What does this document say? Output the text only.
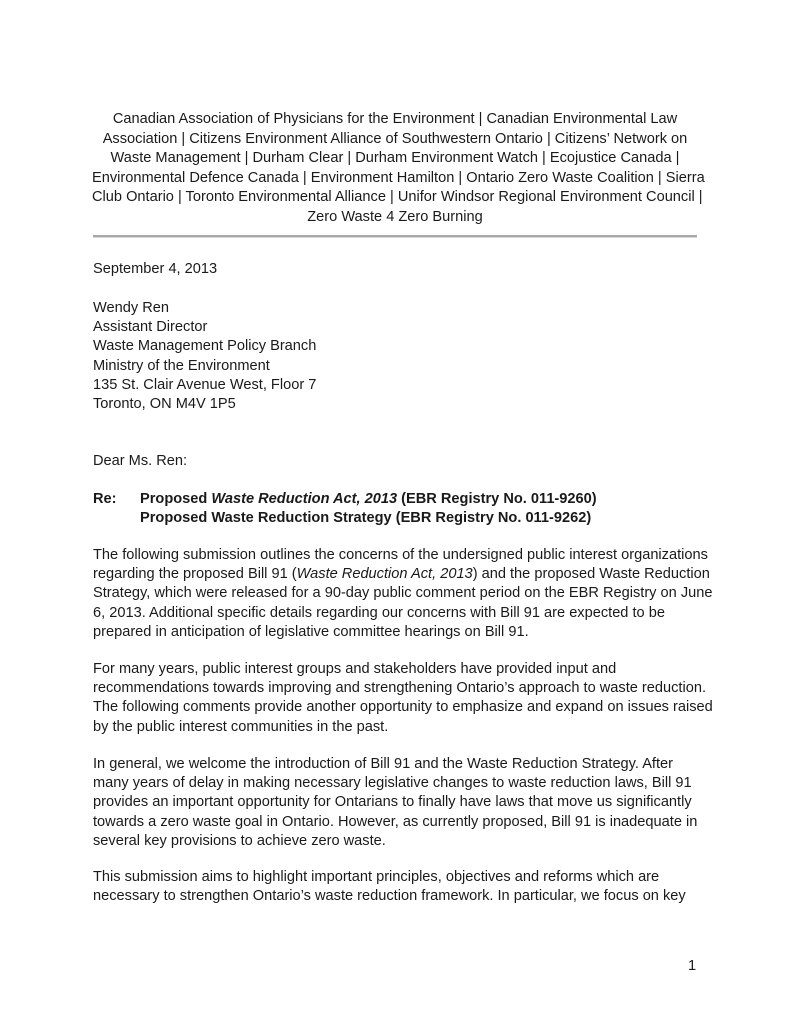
Canadian Association of Physicians for the Environment | Canadian Environmental Law
Association | Citizens Environment Alliance of Southwestern Ontario | Citizens’ Network on
Waste Management | Durham Clear | Durham Environment Watch | Ecojustice Canada |
Environmental Defence Canada | Environment Hamilton | Ontario Zero Waste Coalition | Sierra
Club Ontario | Toronto Environmental Alliance | Unifor Windsor Regional Environment Council |
Zero Waste 4 Zero Burning
September 4, 2013
Wendy Ren
Assistant Director
Waste Management Policy Branch
Ministry of the Environment
135 St. Clair Avenue West, Floor 7
Toronto, ON M4V 1P5
Dear Ms. Ren:
Re:	Proposed Waste Reduction Act, 2013 (EBR Registry No. 011-9260)
Proposed Waste Reduction Strategy (EBR Registry No. 011-9262)
The following submission outlines the concerns of the undersigned public interest organizations
regarding the proposed Bill 91 (Waste Reduction Act, 2013) and the proposed Waste Reduction
Strategy, which were released for a 90-day public comment period on the EBR Registry on June
6, 2013. Additional specific details regarding our concerns with Bill 91 are expected to be
prepared in anticipation of legislative committee hearings on Bill 91.
For many years, public interest groups and stakeholders have provided input and
recommendations towards improving and strengthening Ontario’s approach to waste reduction.
The following comments provide another opportunity to emphasize and expand on issues raised
by the public interest communities in the past.
In general, we welcome the introduction of Bill 91 and the Waste Reduction Strategy. After
many years of delay in making necessary legislative changes to waste reduction laws, Bill 91
provides an important opportunity for Ontarians to finally have laws that move us significantly
towards a zero waste goal in Ontario. However, as currently proposed, Bill 91 is inadequate in
several key provisions to achieve zero waste.
This submission aims to highlight important principles, objectives and reforms which are
necessary to strengthen Ontario’s waste reduction framework. In particular, we focus on key
1
